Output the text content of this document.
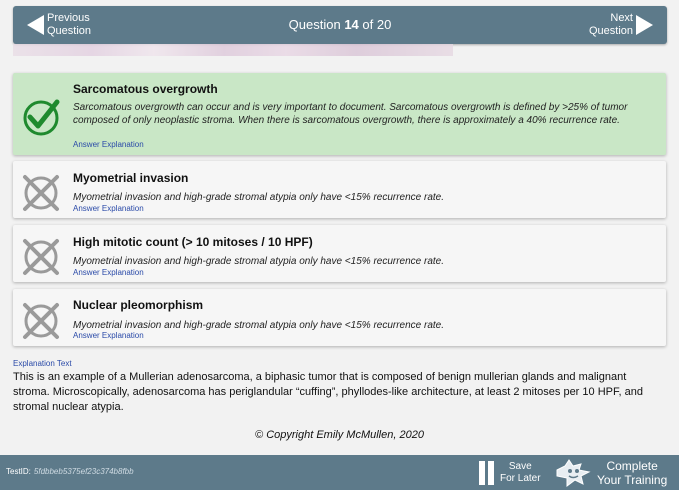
Previous
Question	Question 14 of 20	Next
Question
Sarcomatous overgrowth
Sarcomatous overgrowth can occur and is very important to document. Sarcomatous overgrowth is defined by >25% of tumor composed of only neoplastic stroma. When there is sarcomatous overgrowth, there is approximately a 40% recurrence rate.
Answer Explanation
Myometrial invasion
Myometrial invasion and high-grade stromal atypia only have <15% recurrence rate.
Answer Explanation
High mitotic count (> 10 mitoses / 10 HPF)
Myometrial invasion and high-grade stromal atypia only have <15% recurrence rate.
Answer Explanation
Nuclear pleomorphism
Myometrial invasion and high-grade stromal atypia only have <15% recurrence rate.
Answer Explanation
Explanation Text
This is an example of a Mullerian adenosarcoma, a biphasic tumor that is composed of benign mullerian glands and malignant stroma. Microscopically, adenosarcoma has periglandular “cuffing”, phyllodes-like architecture, at least 2 mitoses per 10 HPF, and stromal nuclear atypia.
© Copyright Emily McMullen, 2020
TestID: 5fdbbeb5375ef23c374b8fbb	Save
For Later
Complete
Your Training
